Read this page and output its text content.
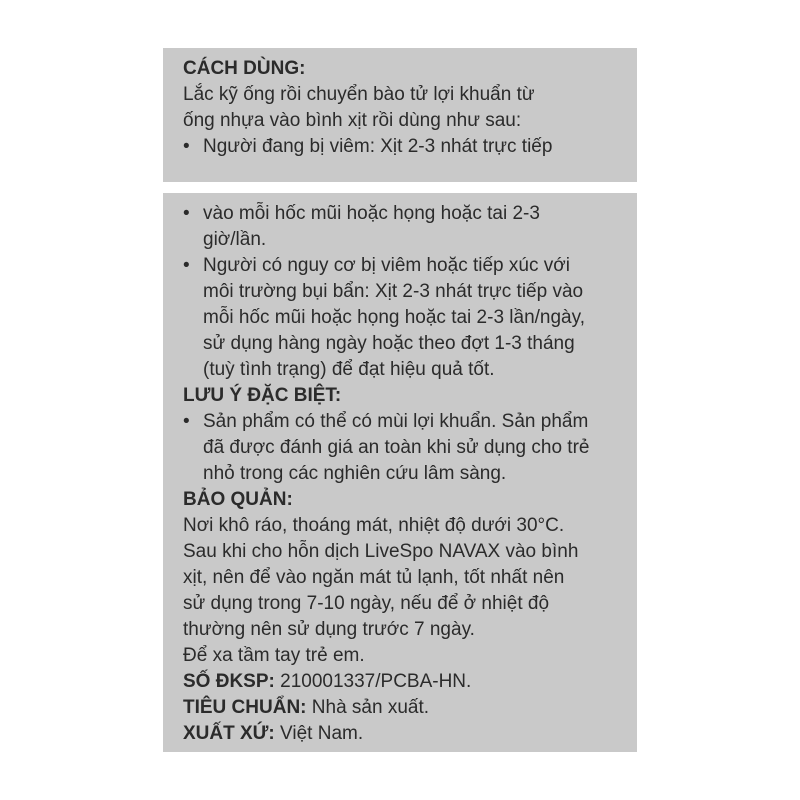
CÁCH DÙNG:
Lắc kỹ ống rồi chuyển bào tử lợi khuẩn từ
ống nhựa vào bình xịt rồi dùng như sau:
• Người đang bị viêm: Xịt 2-3 nhát trực tiếp
• vào mỗi hốc mũi hoặc họng hoặc tai 2-3
giờ/lần.
• Người có nguy cơ bị viêm hoặc tiếp xúc với
môi trường bụi bẩn: Xịt 2-3 nhát trực tiếp vào
mỗi hốc mũi hoặc họng hoặc tai 2-3 lần/ngày,
sử dụng hàng ngày hoặc theo đợt 1-3 tháng
(tuỳ tình trạng) để đạt hiệu quả tốt.
LƯU Ý ĐẶC BIỆT:
• Sản phẩm có thể có mùi lợi khuẩn. Sản phẩm
đã được đánh giá an toàn khi sử dụng cho trẻ
nhỏ trong các nghiên cứu lâm sàng.
BẢO QUẢN:
Nơi khô ráo, thoáng mát, nhiệt độ dưới 30°C.
Sau khi cho hỗn dịch LiveSpo NAVAX vào bình
xịt, nên để vào ngăn mát tủ lạnh, tốt nhất nên
sử dụng trong 7-10 ngày, nếu để ở nhiệt độ
thường nên sử dụng trước 7 ngày.
Để xa tầm tay trẻ em.
SỐ ĐKSP: 210001337/PCBA-HN.
TIÊU CHUẨN: Nhà sản xuất.
XUẤT XỨ: Việt Nam.
